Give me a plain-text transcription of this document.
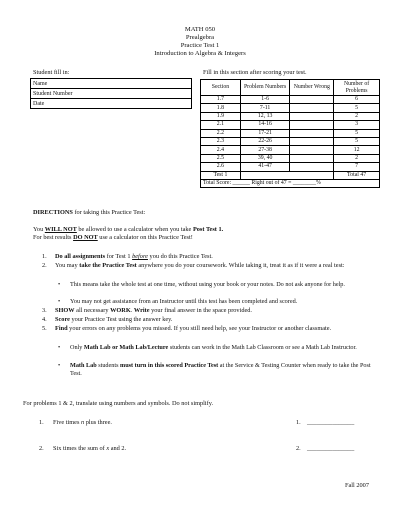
MATH 050
Prealgebra
Practice Test 1
Introduction to Algebra & Integers
Student fill in:
Name
Student Number
Date
Fill in this section after scoring your test.
Section	Problem Numbers	Number Wrong	Number of Problems
1.7	1-6		6
1.8	7-11		5
1.9	12, 13		2
2.1	14-16		3
2.2	17-21		5
2.3	22-26		5
2.4	27-38		12
2.5	39, 40		2
2.6	41-47		7
Test 1			Total 47
Total Score: ______ Right out of 47 = ________%			
DIRECTIONS for taking this Practice Test:
You WILL NOT be allowed to use a calculator when you take Post Test 1.
For best results DO NOT use a calculator on this Practice Test!
1. Do all assignments for Test 1 before you do this Practice Test.
2. You may take the Practice Test anywhere you do your coursework. While taking it, treat it as if it were a real test:
• This means take the whole test at one time, without using your book or your notes. Do not ask anyone for help.
• You may not get assistance from an Instructor until this test has been completed and scored.
3. SHOW all necessary WORK. Write your final answer in the space provided.
4. Score your Practice Test using the answer key.
5. Find your errors on any problems you missed. If you still need help, see your Instructor or another classmate.
• Only Math Lab or Math Lab/Lecture students can work in the Math Lab Classroom or see a Math Lab Instructor.
• Math Lab students must turn in this scored Practice Test at the Service & Testing Counter when ready to take the Post Test.
For problems 1 & 2, translate using numbers and symbols. Do not simplify.
1. Five times n plus three.	1. _______________
2. Six times the sum of x and 2.	2. _______________
Fall 2007
